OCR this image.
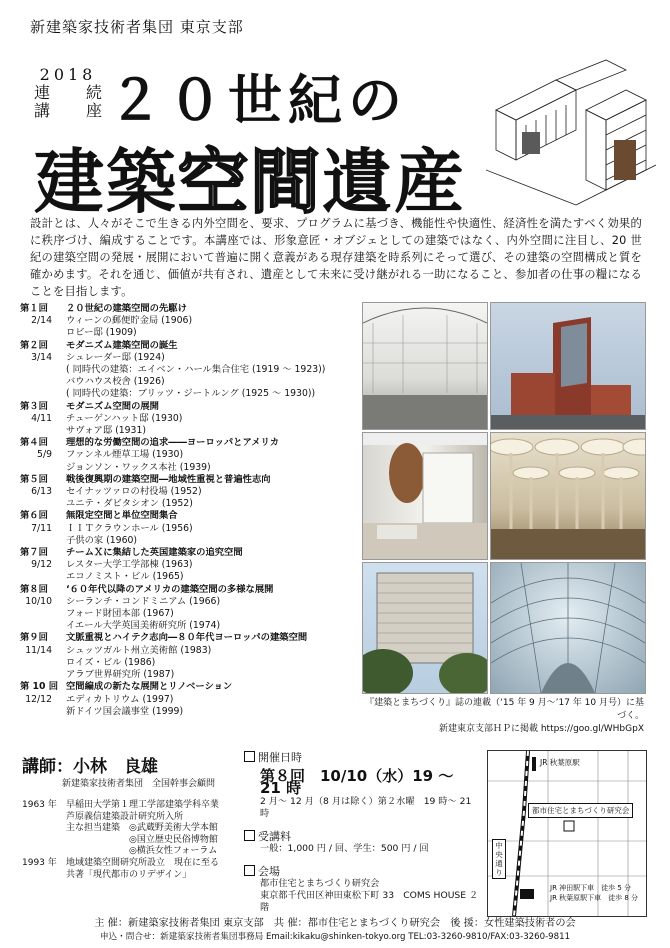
新建築家技術者集団 東京支部
2018
連 続
講 座 ２０世紀の
建築空間遺産
設計とは、人々がそこで生きる内外空間を、要求、プログラムに基づき、機能性や快適性、経済性を満たすべく効果的に秩序づけ、編成することです。本講座では、形象意匠・オブジェとしての建築ではなく、内外空間に注目し、20 世紀の建築空間の発展・展開において普遍に開く意義がある現存建築を時系列にそって選び、その建築の空間構成と質を確かめます。それを通じ、価値が共有され、遺産として未来に受け継がれる一助になること、参加者の仕事の糧になることを目指します。
第１回	２０世紀の建築空間の先駆け
2/14	ウィーンの郵便貯金局 (1906)
ロビー邸 (1909)
第２回	モダニズム建築空間の誕生
3/14	シュレーダー邸 (1924)
( 同時代の建築：エイベン・ハール集合住宅 (1919 ～ 1923))
バウハウス校舎 (1926)
( 同時代の建築：ブリッツ・ジートルング (1925 ～ 1930))
第３回	モダニズム空間の展開
4/11	チューゲンハット邸 (1930)
サヴォア邸 (1931)
第４回	理想的な労働空間の追求――ヨーロッパとアメリカ
5/9	ファンネル煙草工場 (1930)
ジョンソン・ワックス本社 (1939)
第５回	戦後復興期の建築空間―地域性重視と普遍性志向
6/13	セイナッツァロの村役場 (1952)
ユニテ・ダビタシオン (1952)
第６回	無限定空間と単位空間集合
7/11	ＩＩＴクラウンホール (1956)
子供の家 (1960)
第７回	チームＸに集結した英国建築家の追究空間
9/12	レスター大学工学部棟 (1963)
エコノミスト・ビル (1965)
第８回	‘６０年代以降のアメリカの建築空間の多様な展開
10/10	シーランチ・コンドミニアム (1966)
フォード財団本部 (1967)
イエール大学英国美術研究所 (1974)
第９回	文脈重視とハイテク志向―８０年代ヨーロッパの建築空間
11/14	シュッツガルト州立美術館 (1983)
ロイズ・ビル (1986)
アラブ世界研究所 (1987)
第 10 回 空間編成の新たな展開とリノベーション
12/12	エディカトリウム (1997)
新ドイツ国会議事堂 (1999)
『建築とまちづくり』誌の連載（‘15 年 9 月～’17 年 10 月号）に基づく。
新建東京支部ＨＰに掲載 https://goo.gl/WHbGpX
講師：小林　良雄
新建築家技術者集団　全国幹事会顧問
1963 年	早稲田大学第１理工学部建築学科卒業
芦原義信建築設計研究所入所
主な担当建築　◎武蔵野美術大学本館
　　　　　　　◎国立歴史民俗博物館
　　　　　　　◎横浜女性フォーラム
1993 年	地域建築空間研究所設立　現在に至る
共著「現代都市のリデザイン」
開催日時
第８回　10/10（水）19 ～ 21 時
2 月～ 12 月（8 月は除く）第２水曜　19 時～ 21 時
受講料
一般：1,000 円 / 回、学生：500 円 / 回
会場
都市住宅とまちづくり研究会
東京都千代田区神田東松下町 33　COMS HOUSE ２階
JR 秋葉原駅
都市住宅とまちづくり研究会
中央通り
JR 神田駅下車　徒歩 5 分
JR 秋葉原駅下車　徒歩 8 分
主 催：新建築家技術者集団 東京支部　共 催：都市住宅とまちづくり研究会　後 援：女性建築技術者の会
申込・問合せ：新建築家技術者集団事務局 Email:kikaku@shinken-tokyo.org TEL:03-3260-9810/FAX:03-3260-9811
